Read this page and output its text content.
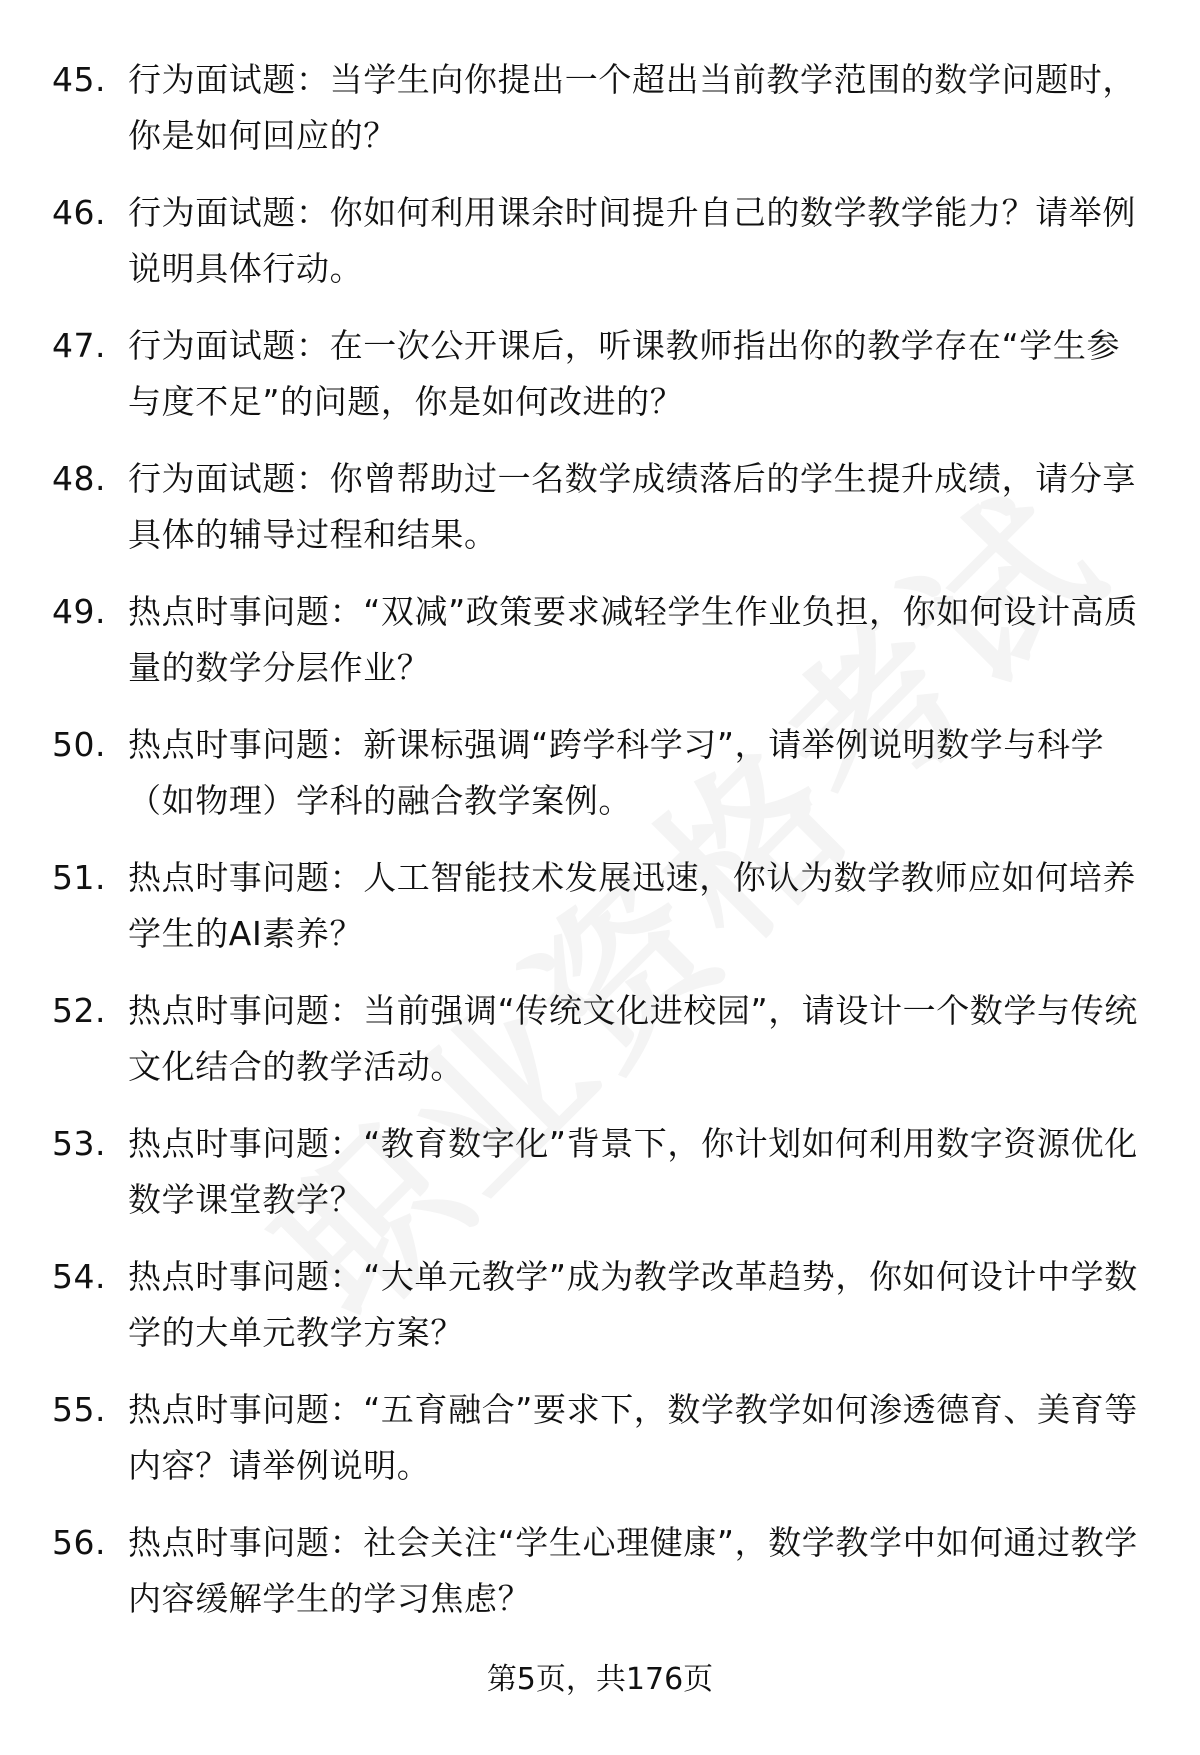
45. 行为面试题：当学生向你提出一个超出当前教学范围的数学问题时，你是如何回应的？
46. 行为面试题：你如何利用课余时间提升自己的数学教学能力？请举例说明具体行动。
47. 行为面试题：在一次公开课后，听课教师指出你的教学存在“学生参与度不足”的问题，你是如何改进的？
48. 行为面试题：你曾帮助过一名数学成绩落后的学生提升成绩，请分享具体的辅导过程和结果。
49. 热点时事问题：“双减”政策要求减轻学生作业负担，你如何设计高质量的数学分层作业？
50. 热点时事问题：新课标强调“跨学科学习”，请举例说明数学与科学（如物理）学科的融合教学案例。
51. 热点时事问题：人工智能技术发展迅速，你认为数学教师应如何培养学生的AI素养？
52. 热点时事问题：当前强调“传统文化进校园”，请设计一个数学与传统文化结合的教学活动。
53. 热点时事问题：“教育数字化”背景下，你计划如何利用数字资源优化数学课堂教学？
54. 热点时事问题：“大单元教学”成为教学改革趋势，你如何设计中学数学的大单元教学方案？
55. 热点时事问题：“五育融合”要求下，数学教学如何渗透德育、美育等内容？请举例说明。
56. 热点时事问题：社会关注“学生心理健康”，数学教学中如何通过教学内容缓解学生的学习焦虑？
第5页，共176页
